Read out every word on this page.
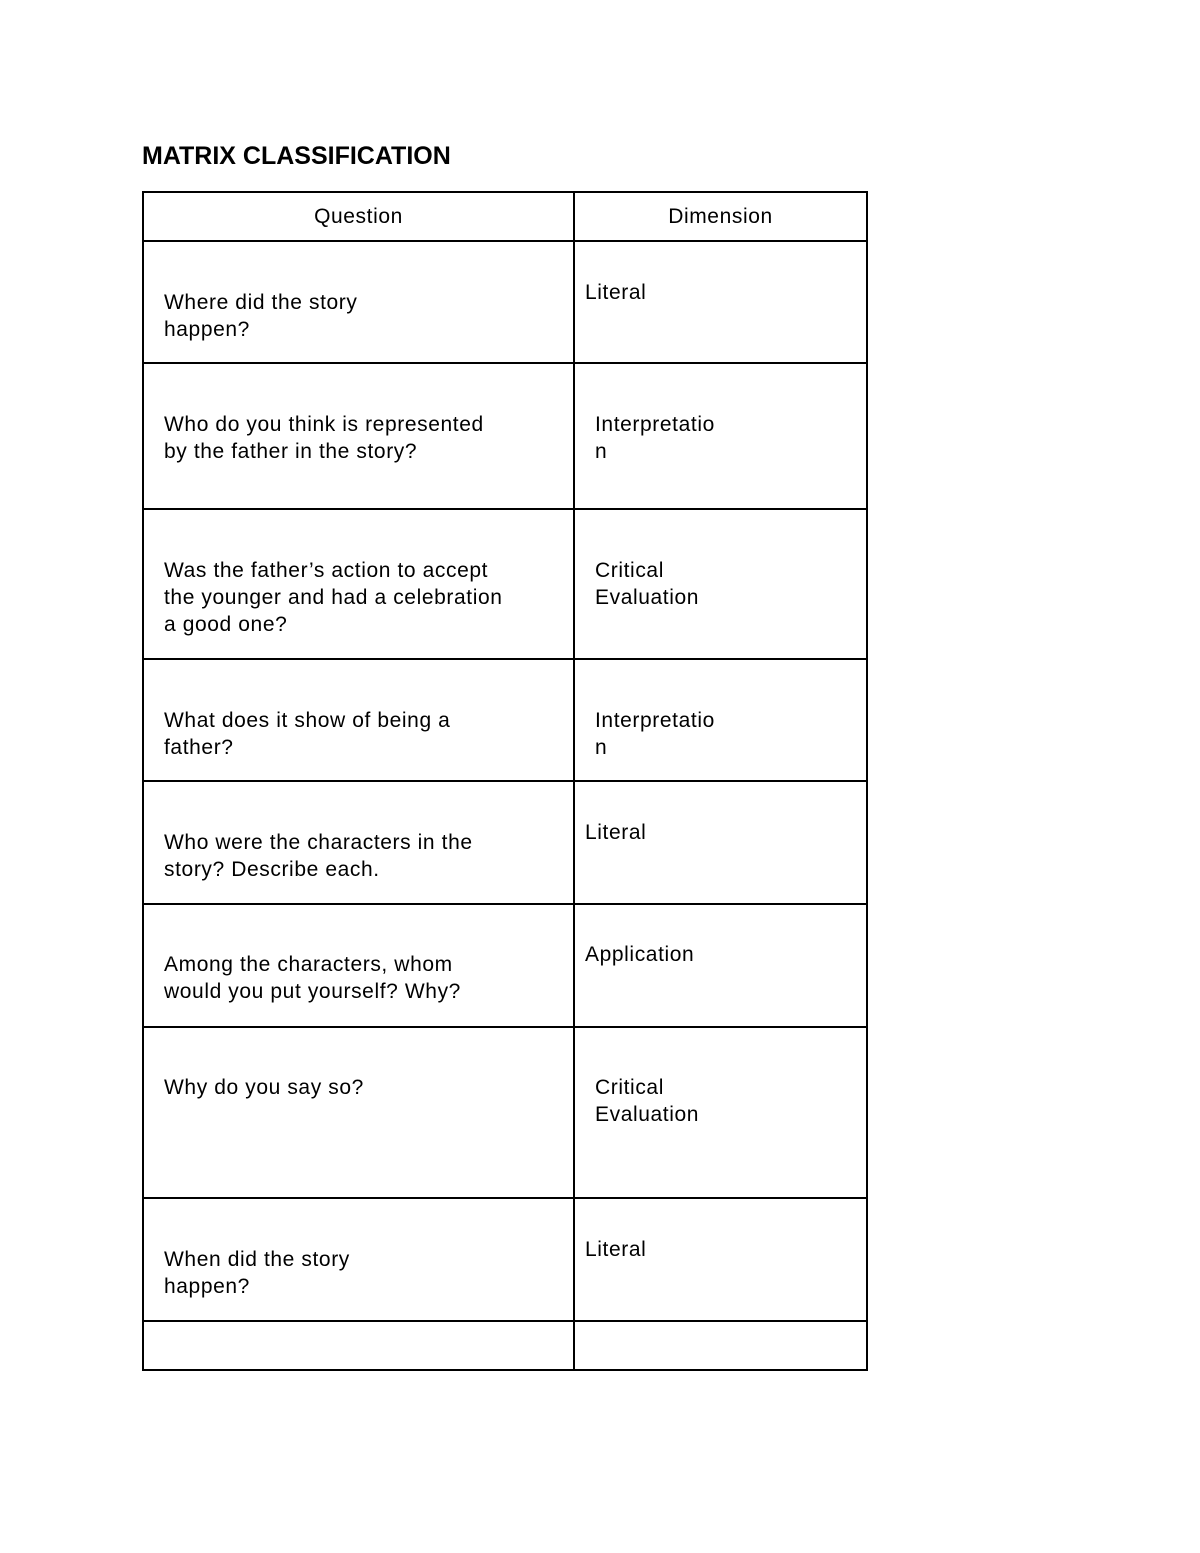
MATRIX CLASSIFICATION
Question	Dimension

Where did the story
happen?	Literal

Who do you think is represented
by the father in the story?	Interpretatio
n

Was the father’s action to accept
the younger and had a celebration
a good one?	Critical
Evaluation

What does it show of being a
father?	Interpretatio
n

Who were the characters in the
story? Describe each.	Literal

Among the characters, whom
would you put yourself? Why?	Application

Why do you say so?	Critical
Evaluation

When did the story
happen?	Literal
